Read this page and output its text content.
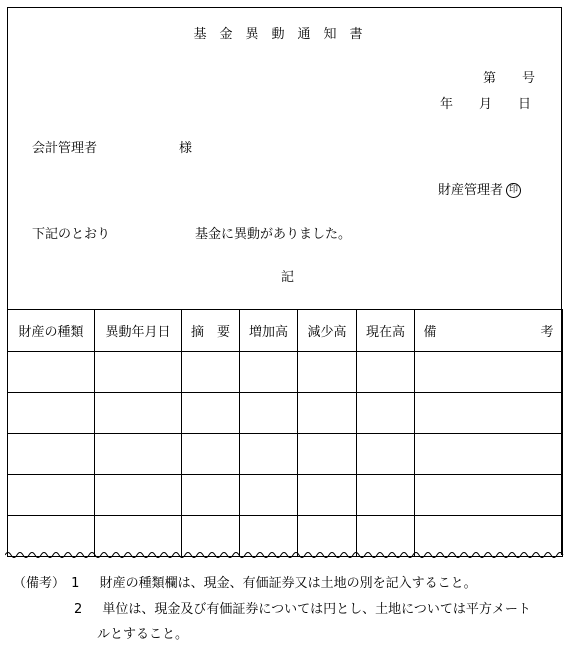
基金異動通知書
第　　号
年　　月　　日
会計管理者	様
財産管理者 印
下記のとおり	基金に異動がありました。
記
財産の種類	異動年月日	摘　要	増加高	減少高	現在高	備　　　　　　　　考

（備考） 1 財産の種類欄は、現金、有価証券又は土地の別を記入すること。
2 単位は、現金及び有価証券については円とし、土地については平方メート
ルとすること。
